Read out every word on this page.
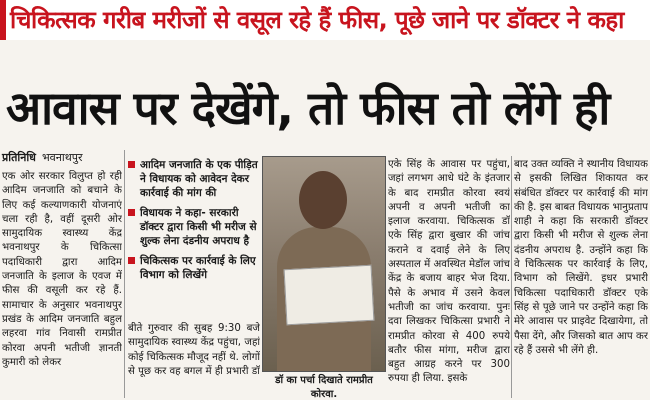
चिकित्सक गरीब मरीजों से वसूल रहे हैं फीस, पूछे जाने पर डॉक्टर ने कहा
आवास पर देखेंगे, तो फीस तो लेंगे ही
प्रतिनिधि भवनाथपुर
एक ओर सरकार विलुप्त हो रही आदिम जनजाति को बचाने के लिए कई कल्याणकारी योजनाएं चला रही है, वहीं दूसरी ओर सामुदायिक स्वास्थ्य केंद्र भवनाथपुर के चिकित्सा पदाधिकारी द्वारा आदिम जनजाति के इलाज के एवज में फीस की वसूली कर रहे हैं. सामाचार के अनुसार भवनाथपुर प्रखंड के आदिम जनजाति बहुल लहरवा गांव निवासी रामप्रीत कोरवा अपनी भतीजी ज्ञानती कुमारी को लेकर
आदिम जनजाति के एक पीड़ित ने विधायक को आवेदन देकर कार्रवाई की मांग की
विधायक ने कहा- सरकारी डॉक्टर द्वारा किसी भी मरीज से शुल्क लेना दंडनीय अपराध है
चिकित्सक पर कार्रवाई के लिए विभाग को लिखेंगे
बीते गुरुवार की सुबह 9:30 बजे सामुदायिक स्वास्थ्य केंद्र पहुंचा, जहां कोई चिकित्सक मौजूद नहीं थे. लोगों से पूछ कर वह बगल में ही प्रभारी डॉ
डॉ का पर्चा दिखाते रामप्रीत कोरवा.
एके सिंह के आवास पर पहुंचा, जहां लगभग आधे घंटे के इंतजार के बाद रामप्रीत कोरवा स्वयं अपनी व अपनी भतीजी का इलाज करवाया. चिकित्सक डॉ एके सिंह द्वारा बुखार की जांच कराने व दवाई लेने के लिए अस्पताल में अवस्थित मेडॉल जांच केंद्र के बजाय बाहर भेज दिया. पैसे के अभाव में उसने केवल भतीजी का जांच करवाया. पुनः दवा लिखकर चिकित्सा प्रभारी ने रामप्रीत कोरवा से 400 रुपये बतौर फीस मांगा, मरीज द्वारा बहुत आग्रह करने पर 300 रुपया ही लिया. इसके
बाद उक्त व्यक्ति ने स्थानीय विधायक से इसकी लिखित शिकायत कर संबंधित डॉक्टर पर कार्रवाई की मांग की है. इस बाबत विधायक भानुप्रताप शाही ने कहा कि सरकारी डॉक्टर द्वारा किसी भी मरीज से शुल्क लेना दंडनीय अपराध है. उन्होंने कहा कि वे चिकित्सक पर कार्रवाई के लिए, विभाग को लिखेंगे. इधर प्रभारी चिकित्सा पदाधिकारी डॉक्टर एके सिंह से पूछे जाने पर उन्होंने कहा कि मेरे आवास पर प्राइवेट दिखायेगा, तो पैसा देंगे, और जिसको बात आप कर रहे हैं उससे भी लेंगे ही.
